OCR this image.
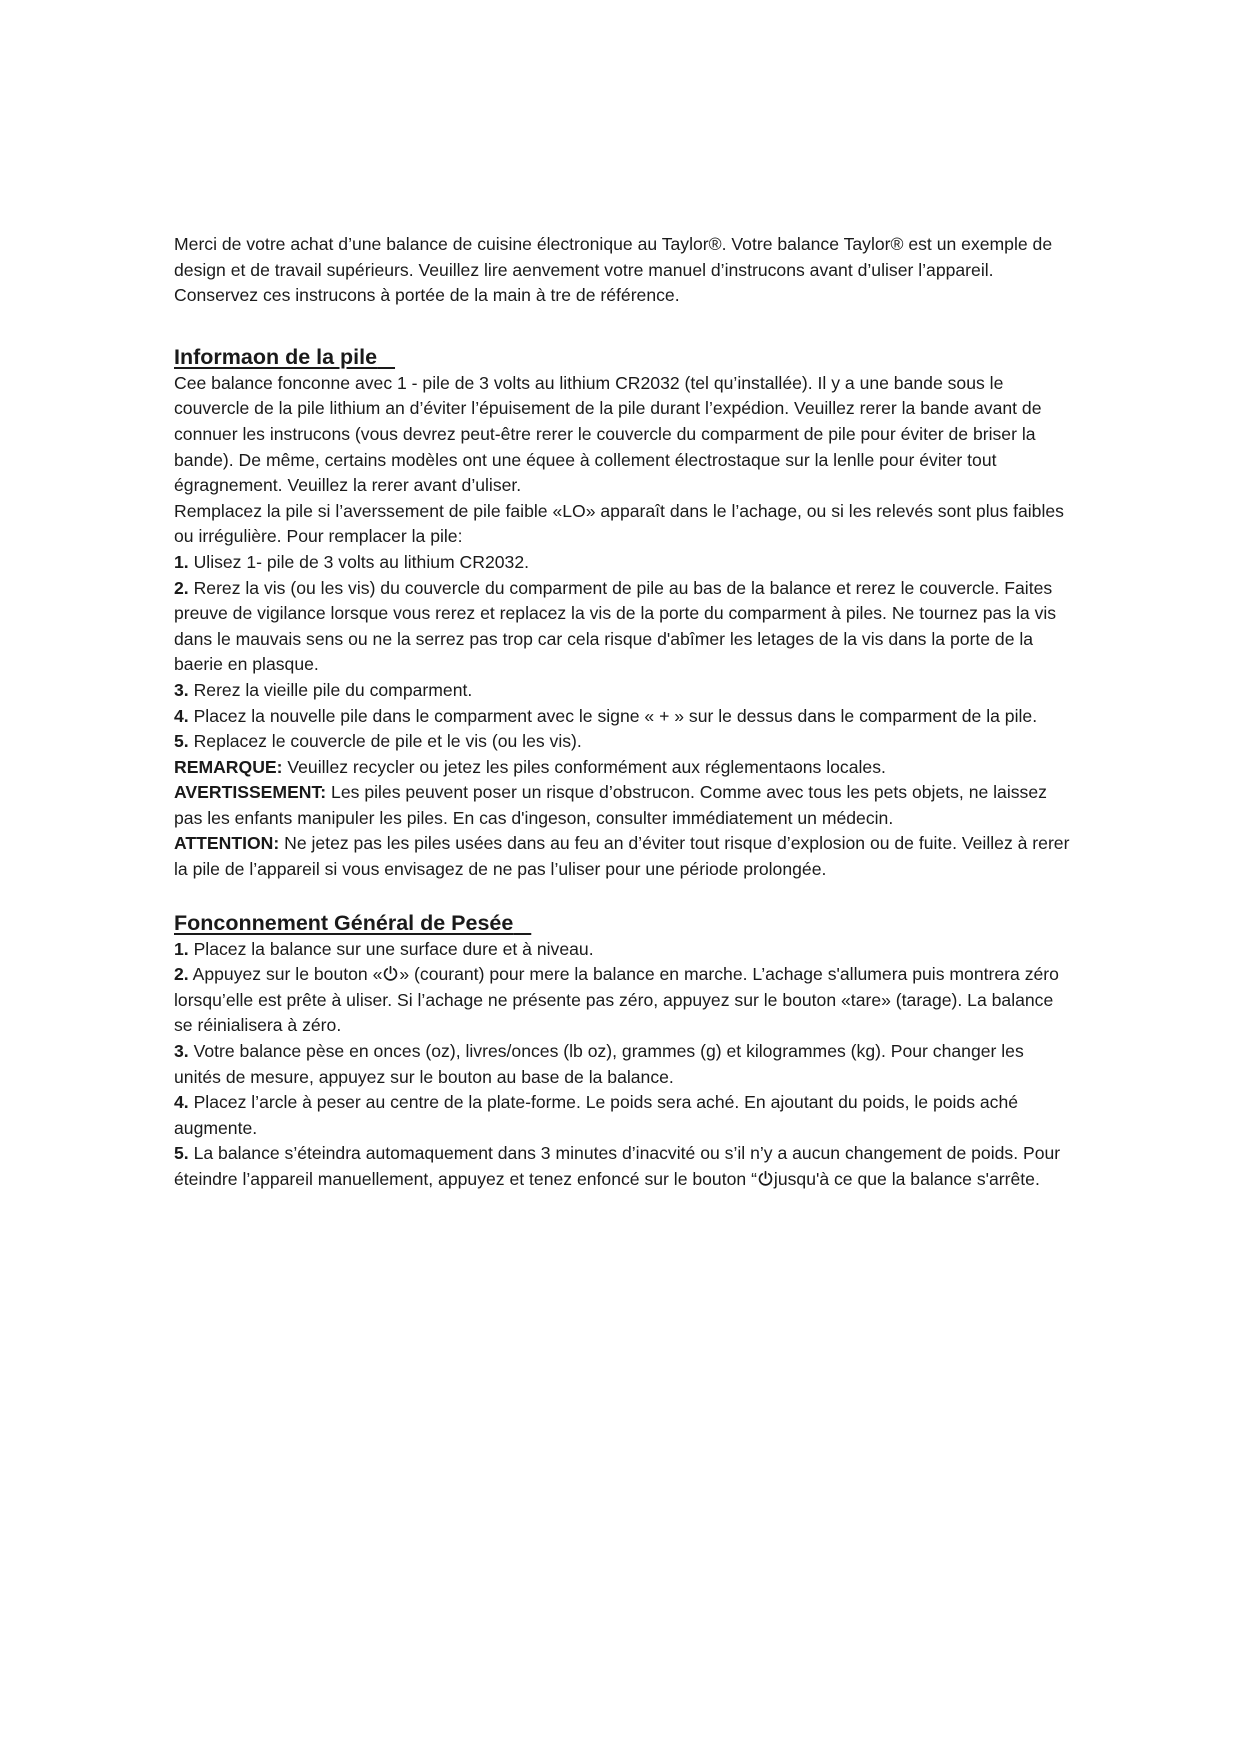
Merci de votre achat d’une balance de cuisine électronique au Taylor®. Votre balance Taylor® est un exemple de design et de travail supérieurs. Veuillez lire aenvement votre manuel d’instrucons avant d’uliser l’appareil. Conservez ces instrucons à portée de la main à tre de référence.

Informaon de la pile

Cee balance fonconne avec 1 - pile de 3 volts au lithium CR2032 (tel qu’installée). Il y a une bande sous le couvercle de la pile lithium an d’éviter l’épuisement de la pile durant l’expédion. Veuillez rerer la bande avant de connuer les instrucons (vous devrez peut-être rerer le couvercle du comparment de pile pour éviter de briser la bande). De même, certains modèles ont une équee à collement électrostaque sur la lenlle pour éviter tout égragnement. Veuillez la rerer avant d’uliser.

Remplacez la pile si l’averssement de pile faible «LO» apparaît dans le l’achage, ou si les relevés sont plus faibles ou irrégulière. Pour remplacer la pile:

1. Ulisez 1- pile de 3 volts au lithium CR2032.

2. Rerez la vis (ou les vis) du couvercle du comparment de pile au bas de la balance et rerez le couvercle. Faites preuve de vigilance lorsque vous rerez et replacez la vis de la porte du comparment à piles. Ne tournez pas la vis dans le mauvais sens ou ne la serrez pas trop car cela risque d'abîmer les letages de la vis dans la porte de la baerie en plasque.

3. Rerez la vieille pile du comparment.

4. Placez la nouvelle pile dans le comparment avec le signe « + » sur le dessus dans le comparment de la pile.

5. Replacez le couvercle de pile et le vis (ou les vis).

REMARQUE: Veuillez recycler ou jetez les piles conformément aux réglementaons locales.

AVERTISSEMENT: Les piles peuvent poser un risque d’obstrucon. Comme avec tous les pets objets, ne laissez pas les enfants manipuler les piles. En cas d'ingeson, consulter immédiatement un médecin.

ATTENTION: Ne jetez pas les piles usées dans au feu an d’éviter tout risque d’explosion ou de fuite. Veillez à rerer la pile de l’appareil si vous envisagez de ne pas l’uliser pour une période prolongée.

Fonconnement Général de Pesée

1. Placez la balance sur une surface dure et à niveau.

2. Appuyez sur le bouton « » (courant) pour mere la balance en marche. L’achage s'allumera puis montrera zéro lorsqu’elle est prête à uliser. Si l’achage ne présente pas zéro, appuyez sur le bouton «tare» (tarage). La balance se réinialisera à zéro.

3. Votre balance pèse en onces (oz), livres/onces (lb oz), grammes (g) et kilogrammes (kg). Pour changer les unités de mesure, appuyez sur le bouton au base de la balance.

4. Placez l’arcle à peser au centre de la plate-forme. Le poids sera aché. En ajoutant du poids, le poids aché augmente.

5. La balance s’éteindra automaquement dans 3 minutes d’inacvité ou s’il n’y a aucun changement de poids. Pour éteindre l’appareil manuellement, appuyez et tenez enfoncé sur le bouton “ jusqu'à ce que la balance s'arrête.
